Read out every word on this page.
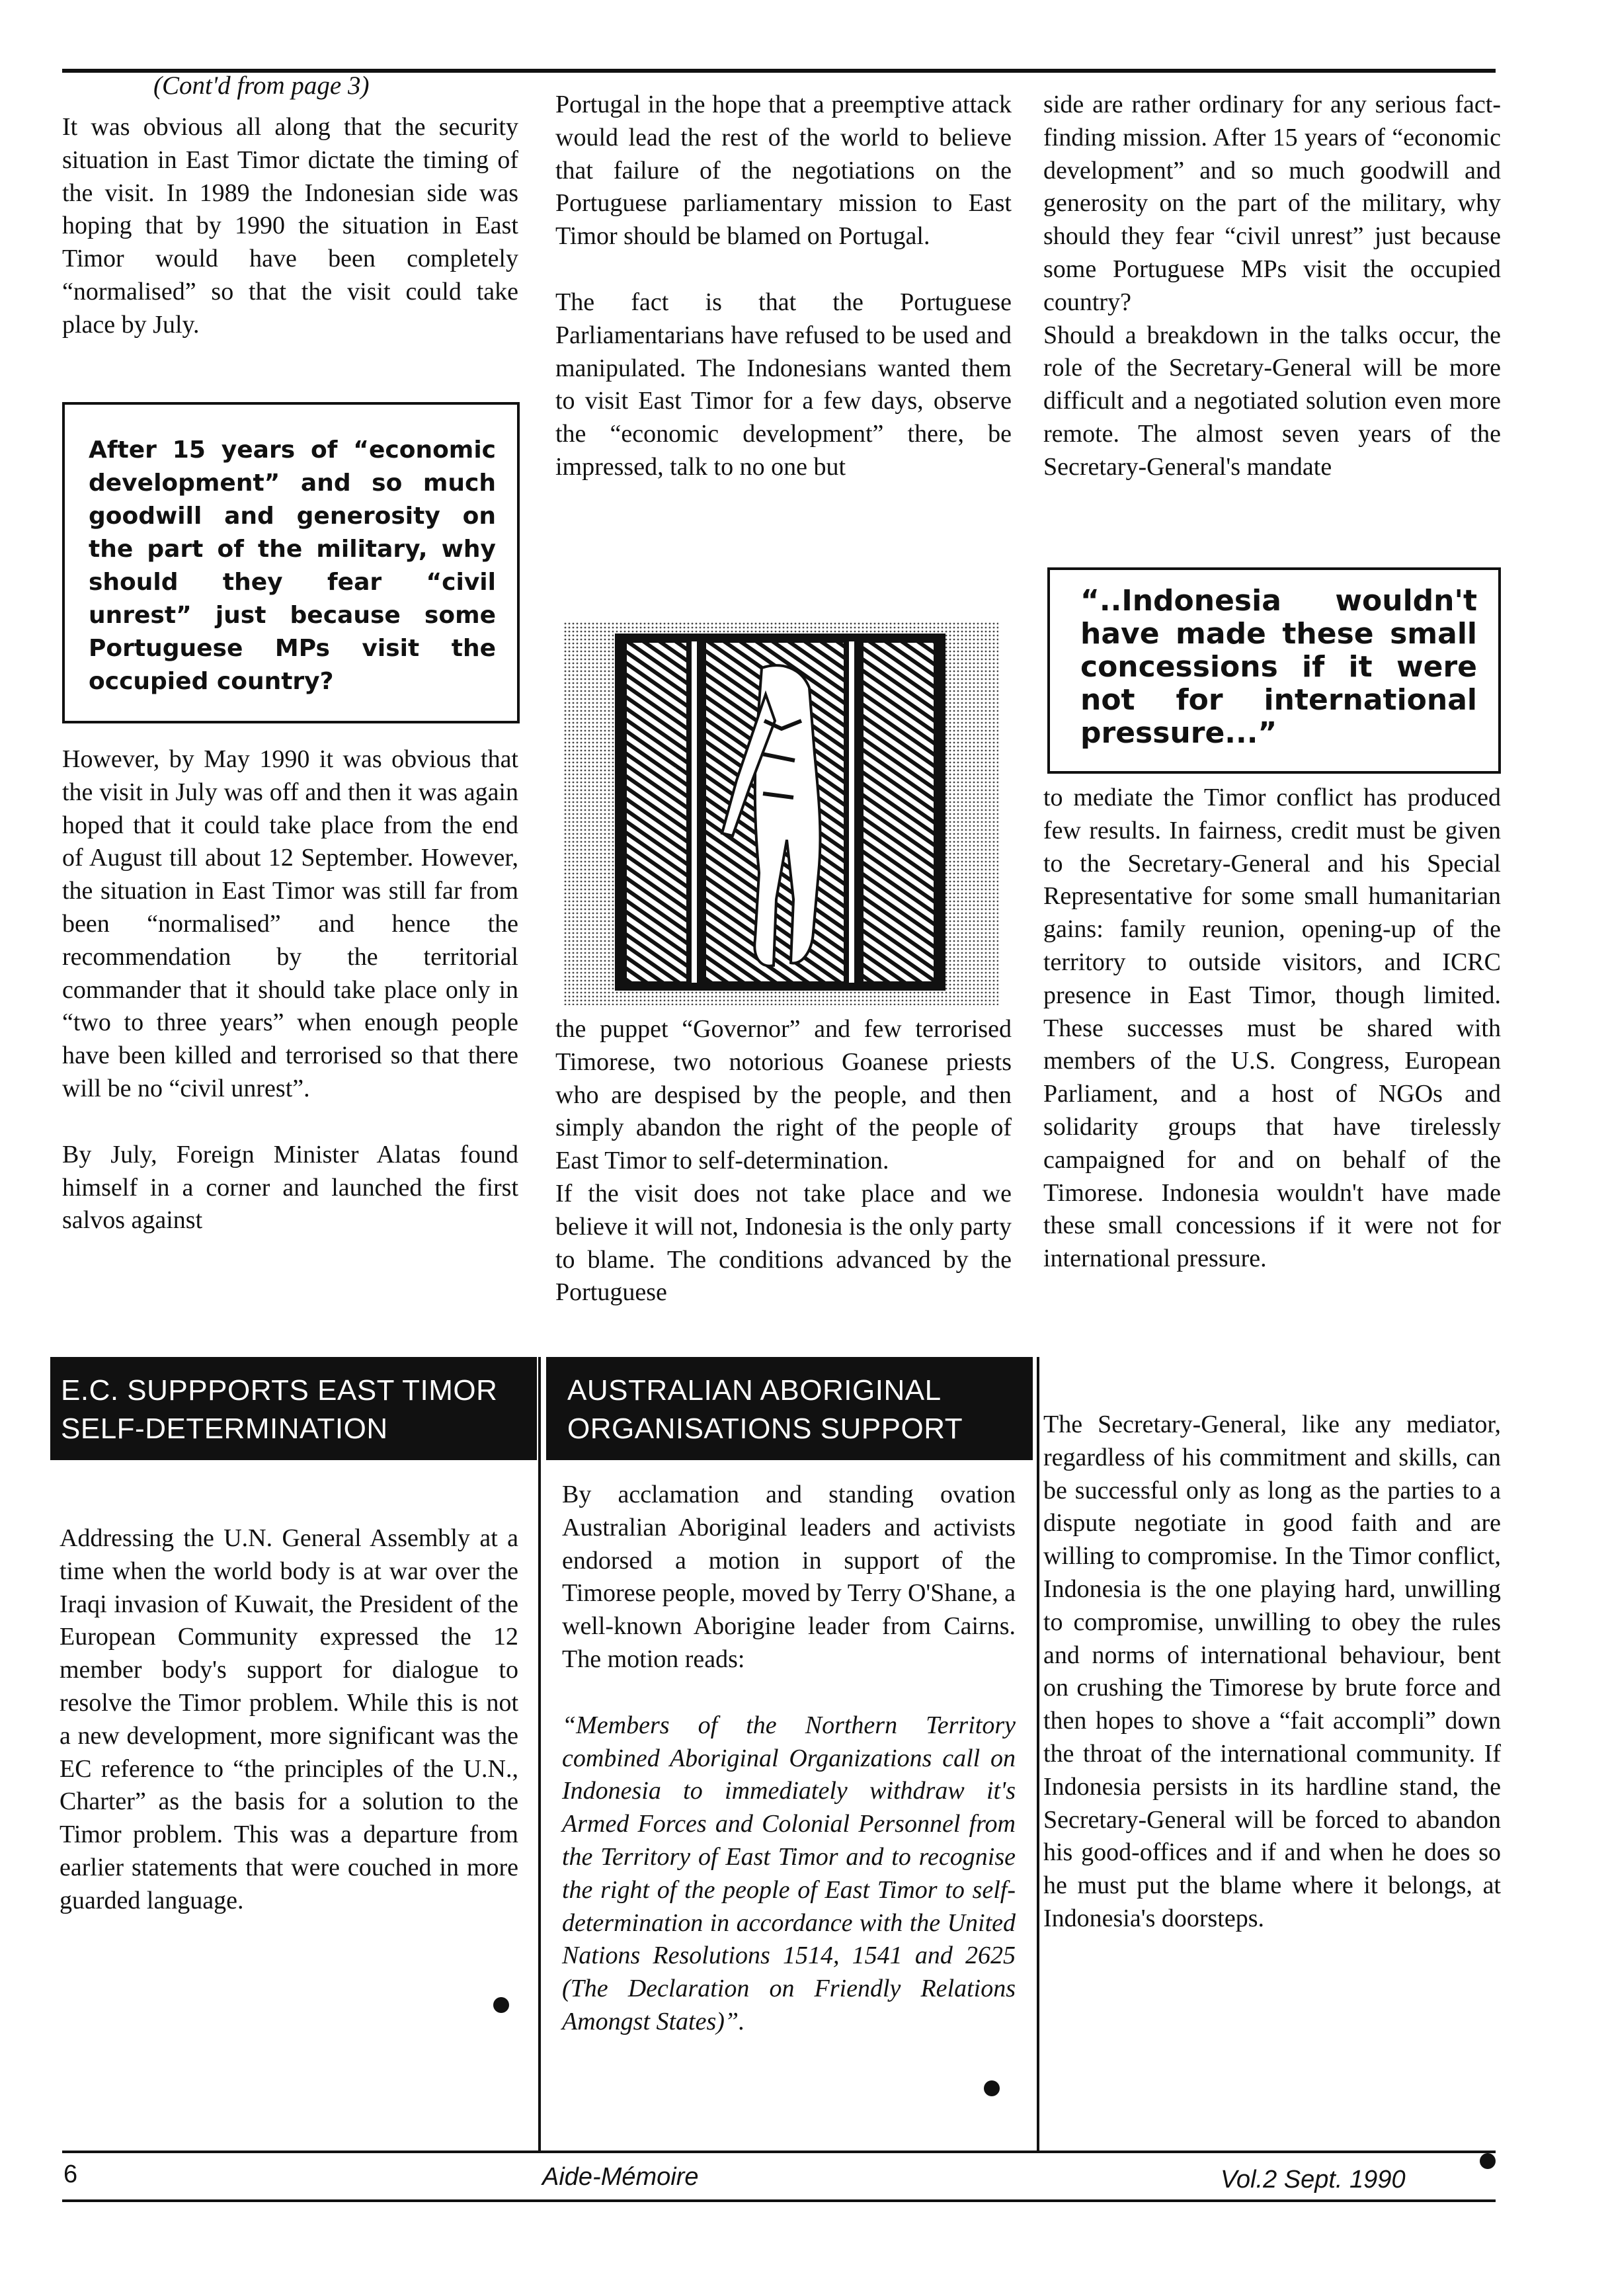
(Cont'd from page 3)

It was obvious all along that the security situation in East Timor dictate the timing of the visit. In 1989 the Indonesian side was hoping that by 1990 the situation in East Timor would have been completely “normalised” so that the visit could take place by July.

After 15 years of “economic development” and so much goodwill and generosity on the part of the military, why should they fear “civil unrest” just because some Portuguese MPs visit the occupied country?

However, by May 1990 it was obvious that the visit in July was off and then it was again hoped that it could take place from the end of August till about 12 September. However, the situation in East Timor was still far from been “normalised” and hence the recommendation by the territorial commander that it should take place only in “two to three years” when enough people have been killed and terrorised so that there will be no “civil unrest”.

By July, Foreign Minister Alatas found himself in a corner and launched the first salvos against

Portugal in the hope that a preemptive attack would lead the rest of the world to believe that failure of the negotiations on the Portuguese parliamentary mission to East Timor should be blamed on Portugal.

The fact is that the Portuguese Parliamentarians have refused to be used and manipulated. The Indonesians wanted them to visit East Timor for a few days, observe the “economic development” there, be impressed, talk to no one but

the puppet “Governor” and few terrorised Timorese, two notorious Goanese priests who are despised by the people, and then simply abandon the right of the people of East Timor to self-determination.

If the visit does not take place and we believe it will not, Indonesia is the only party to blame. The conditions advanced by the Portuguese

side are rather ordinary for any serious fact-finding mission. After 15 years of “economic development” and so much goodwill and generosity on the part of the military, why should they fear “civil unrest” just because some Portuguese MPs visit the occupied country?

Should a breakdown in the talks occur, the role of the Secretary-General will be more difficult and a negotiated solution even more remote. The almost seven years of the Secretary-General's mandate

“..Indonesia wouldn't have made these small concessions if it were not for international pressure...”

to mediate the Timor conflict has produced few results. In fairness, credit must be given to the Secretary-General and his Special Representative for some small humanitarian gains: family reunion, opening-up of the territory to outside visitors, and ICRC presence in East Timor, though limited. These successes must be shared with members of the U.S. Congress, European Parliament, and a host of NGOs and solidarity groups that have tirelessly campaigned for and on behalf of the Timorese. Indonesia wouldn't have made these small concessions if it were not for international pressure.

The Secretary-General, like any mediator, regardless of his commitment and skills, can be successful only as long as the parties to a dispute negotiate in good faith and are willing to compromise. In the Timor conflict, Indonesia is the one playing hard, unwilling to compromise, unwilling to obey the rules and norms of international behaviour, bent on crushing the Timorese by brute force and then hopes to shove a “fait accompli” down the throat of the international community. If Indonesia persists in its hardline stand, the Secretary-General will be forced to abandon his good-offices and if and when he does so he must put the blame where it belongs, at Indonesia's doorsteps.

E.C. SUPPPORTS EAST TIMOR
SELF-DETERMINATION

Addressing the U.N. General Assembly at a time when the world body is at war over the Iraqi invasion of Kuwait, the President of the European Community expressed the 12 member body's support for dialogue to resolve the Timor problem. While this is not a new development, more significant was the EC reference to “the principles of the U.N., Charter” as the basis for a solution to the Timor problem. This was a departure from earlier statements that were couched in more guarded language.

AUSTRALIAN ABORIGINAL
ORGANISATIONS SUPPORT

By acclamation and standing ovation Australian Aboriginal leaders and activists endorsed a motion in support of the Timorese people, moved by Terry O'Shane, a well-known Aborigine leader from Cairns. The motion reads:

“Members of the Northern Territory combined Aboriginal Organizations call on Indonesia to immediately withdraw it's Armed Forces and Colonial Personnel from the Territory of East Timor and to recognise the right of the people of East Timor to self-determination in accordance with the United Nations Resolutions 1514, 1541 and 2625 (The Declaration on Friendly Relations Amongst States)”.

6	Aide-Mémoire	Vol.2 Sept. 1990
